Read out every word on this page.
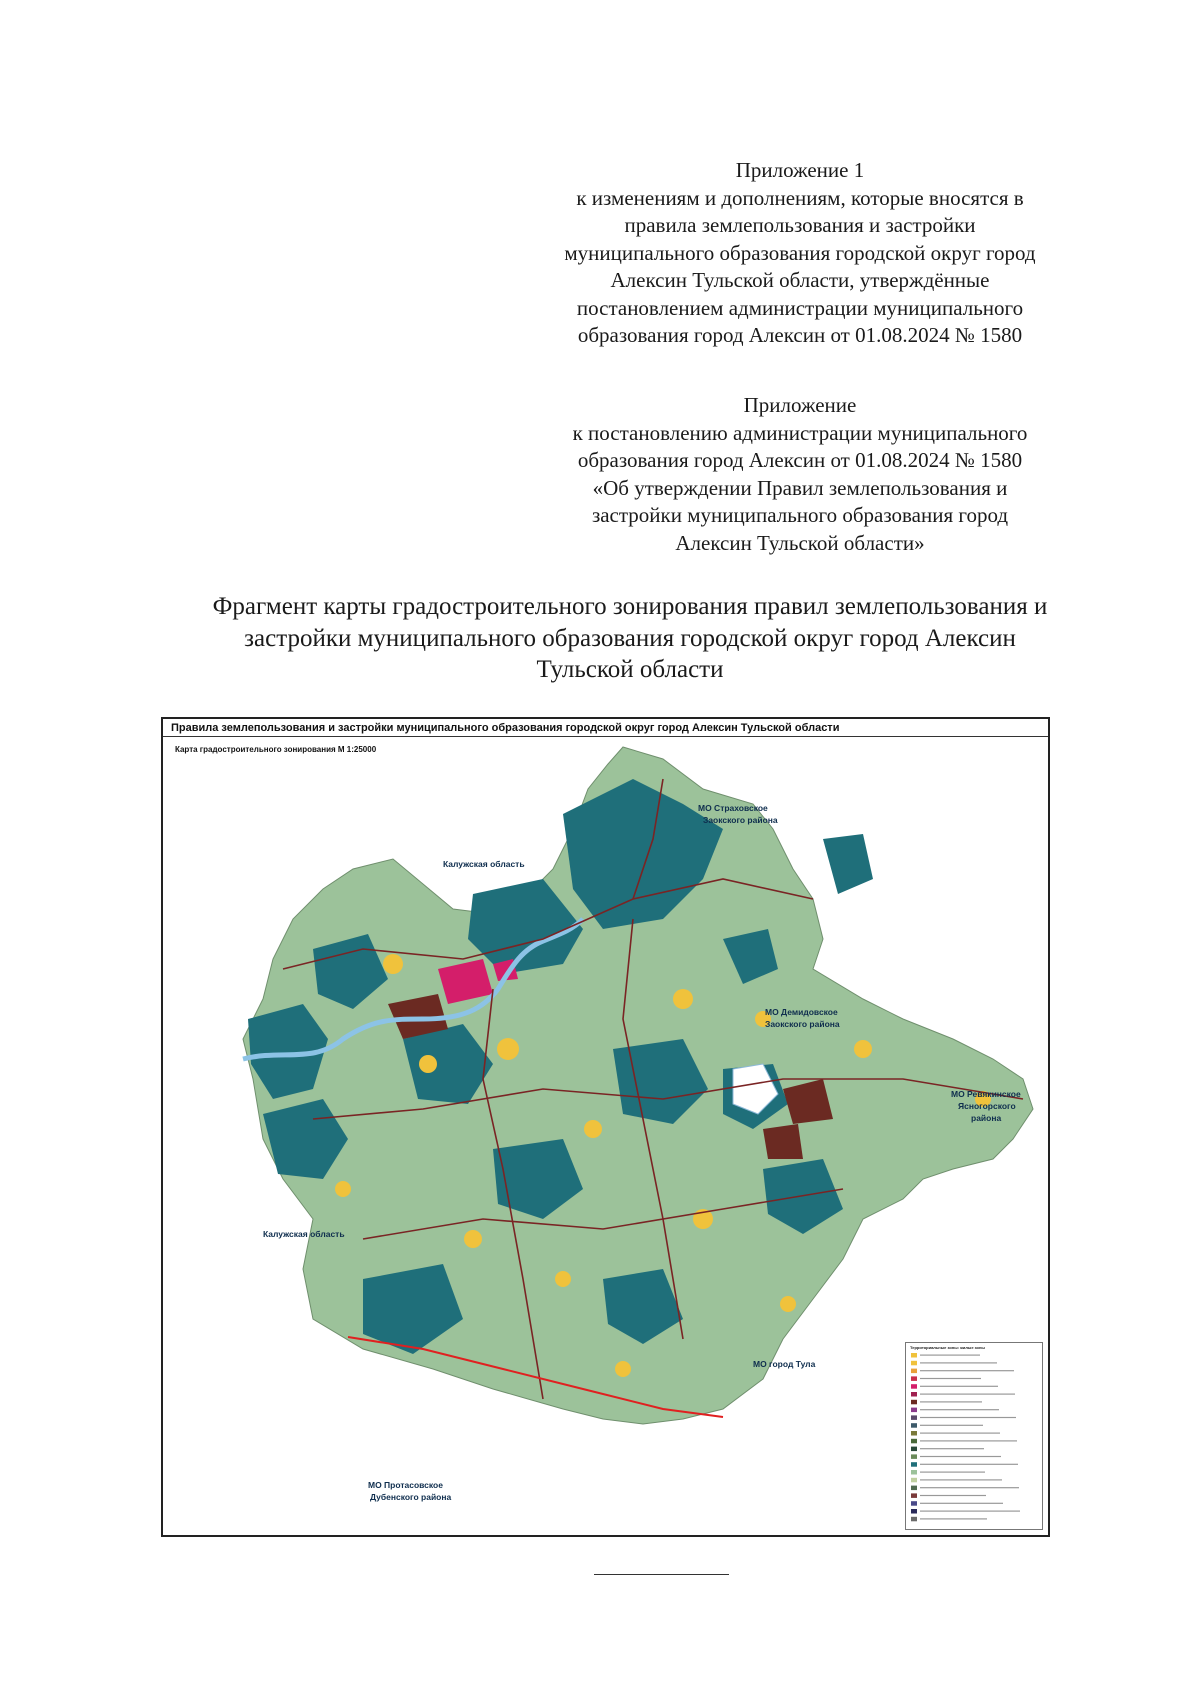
Приложение 1
к изменениям и дополнениям, которые вносятся в
правила землепользования и застройки
муниципального образования городской округ город
Алексин Тульской области, утверждённые
постановлением администрации муниципального
образования город Алексин от 01.08.2024 № 1580
Приложение
к постановлению администрации муниципального
образования город Алексин от 01.08.2024 № 1580
«Об утверждении Правил землепользования и
застройки муниципального образования город
Алексин Тульской области»
Фрагмент карты градостроительного зонирования правил землепользования и
застройки муниципального образования городской округ город Алексин
Тульской области
Калужская область
Калужская область
МО Страховское
Заокского района
МО Демидовское
Заокского района
МО Ревякинское
Ясногорского
района
МО город Тула
МО Протасовское
Дубенского района
Правила землепользования и застройки муниципального образования городской округ город Алексин Тульской области
Карта градостроительного зонирования М 1:25000
Территориальные зоны: жилые зоны
